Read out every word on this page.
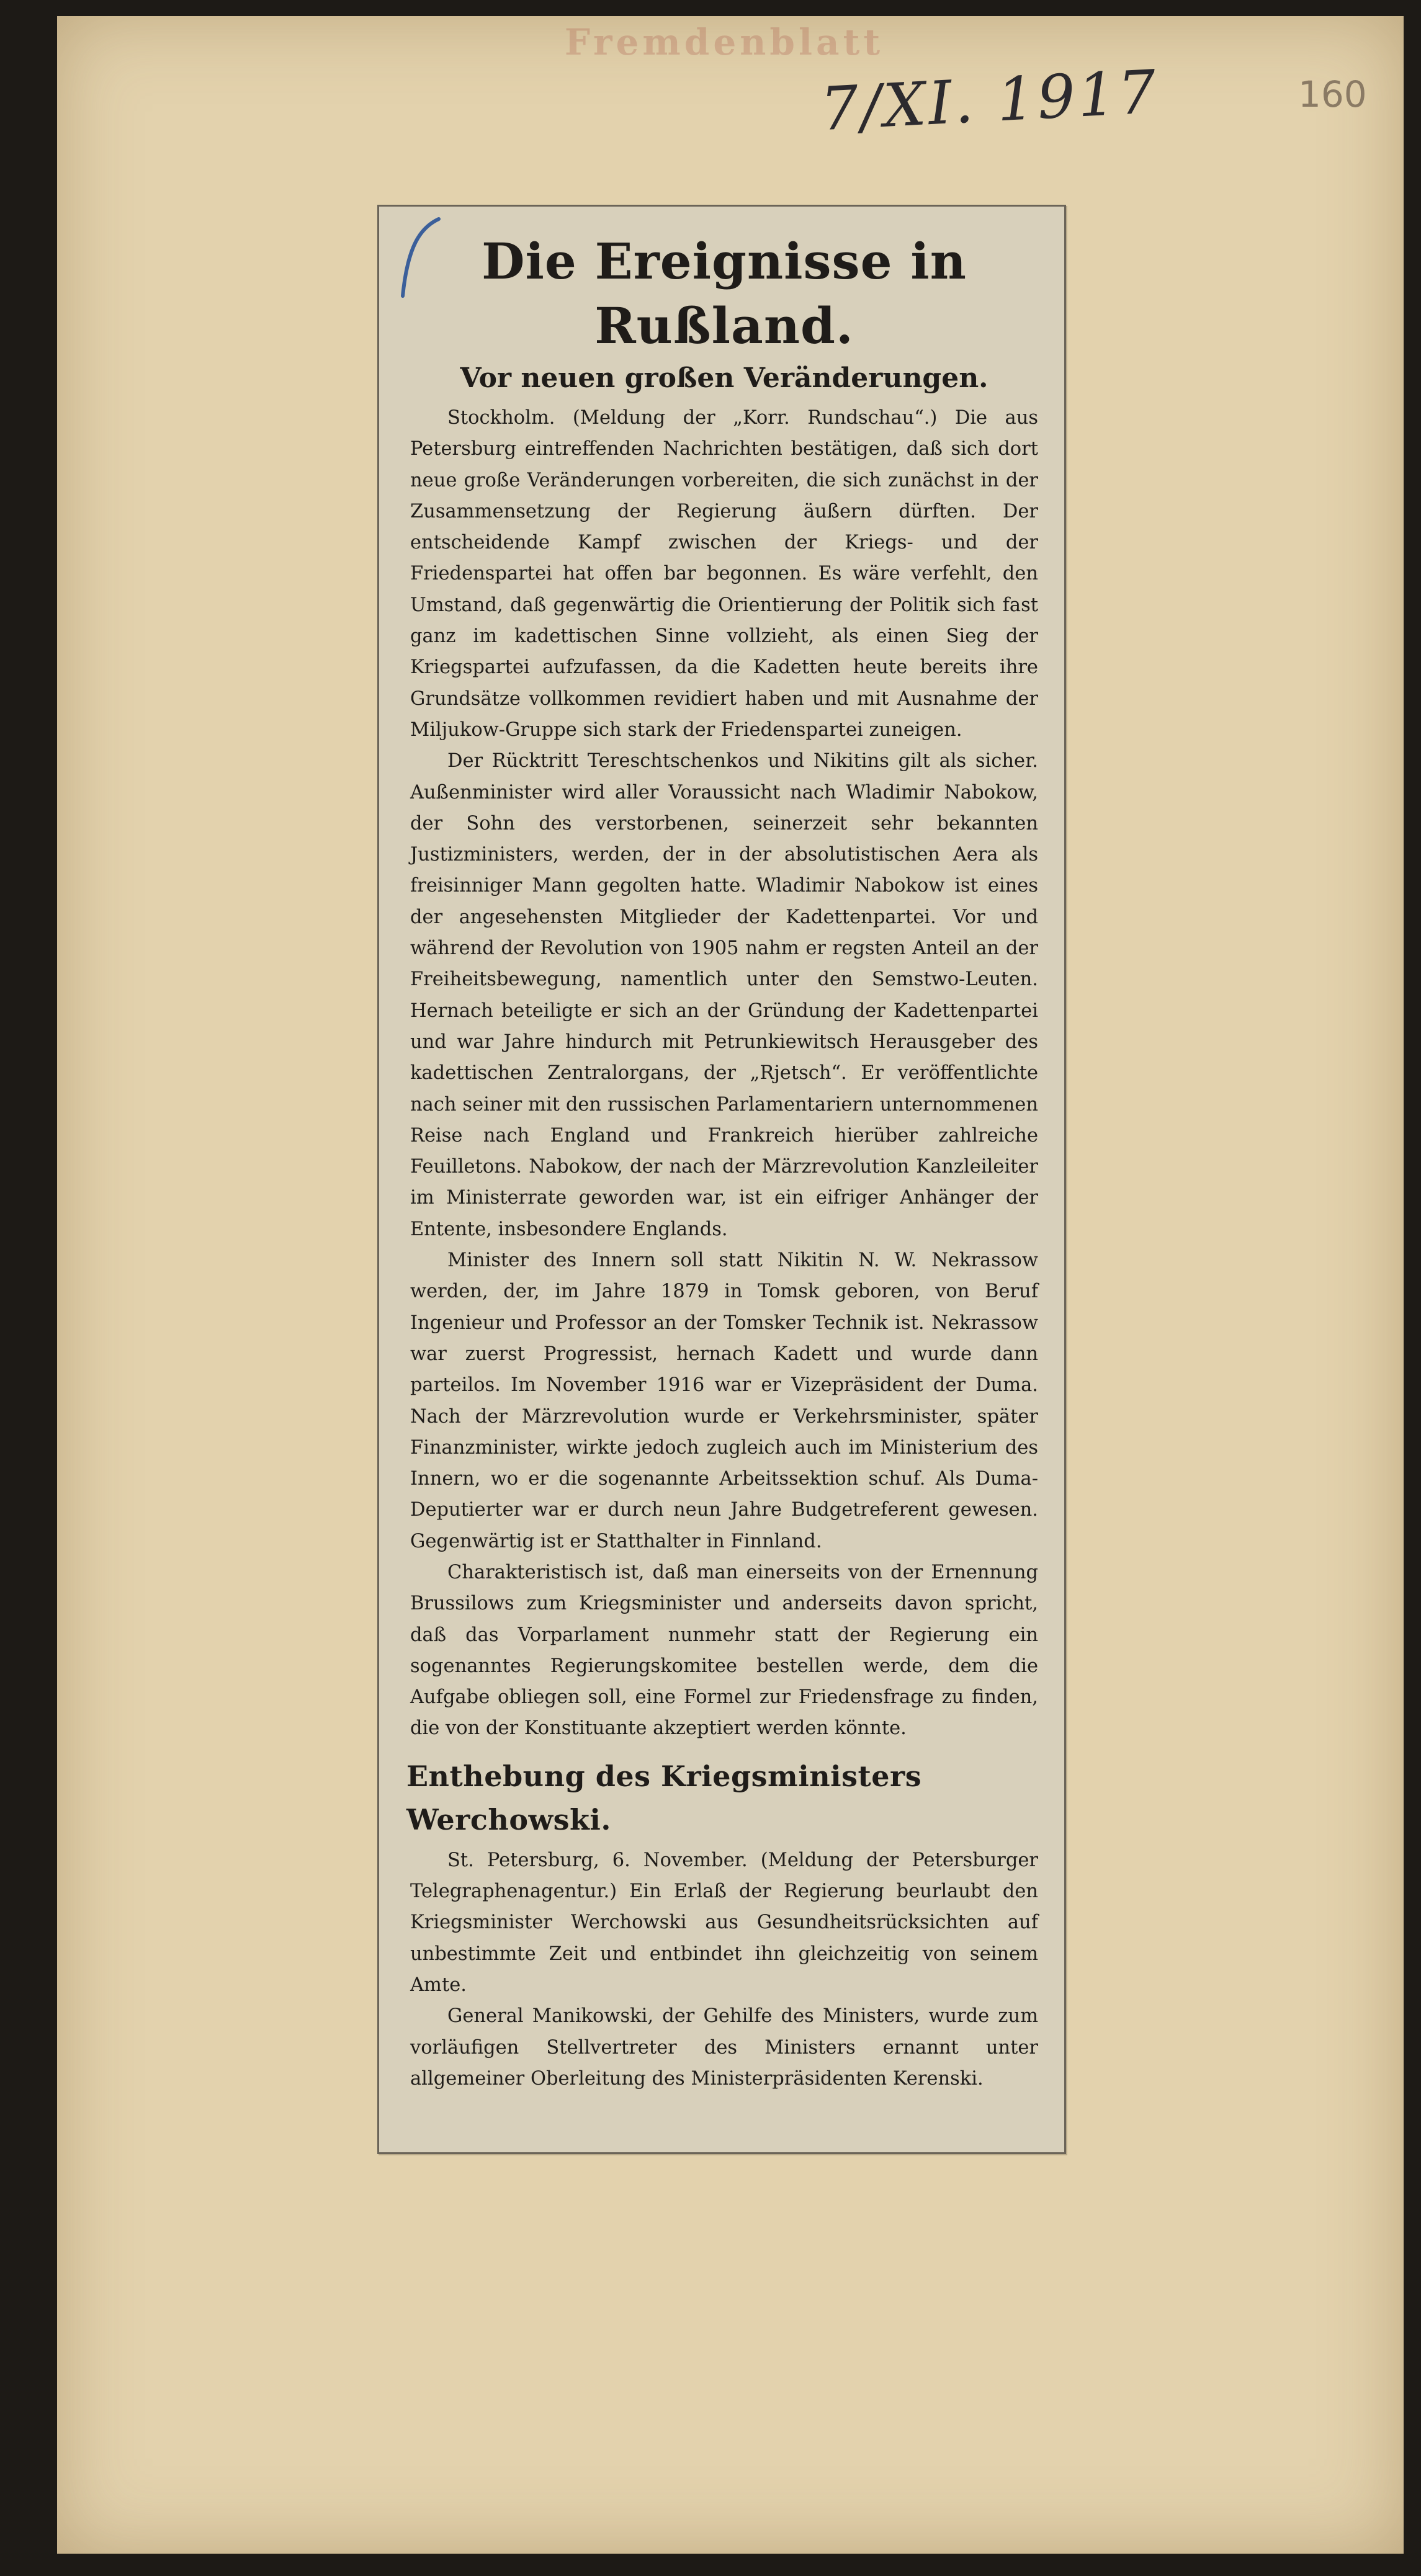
Fremdenblatt
7/XI. 1917	160
Die Ereignisse in Rußland.
Vor neuen großen Veränderungen.

Stockholm. (Meldung der „Korr. Rundschau“.) Die aus Petersburg eintreffenden Nachrichten bestätigen, daß sich dort neue große Veränderungen vorbereiten, die sich zunächst in der Zusammensetzung der Regierung äußern dürften. Der entscheidende Kampf zwischen der Kriegs- und der Friedenspartei hat offen bar begonnen. Es wäre verfehlt, den Umstand, daß gegenwärtig die Orientierung der Politik sich fast ganz im kadettischen Sinne vollzieht, als einen Sieg der Kriegspartei aufzufassen, da die Kadetten heute bereits ihre Grundsätze vollkommen revidiert haben und mit Ausnahme der Miljukow-Gruppe sich stark der Friedenspartei zuneigen.

Der Rücktritt Tereschtschenkos und Nikitins gilt als sicher. Außenminister wird aller Voraussicht nach Wladimir Nabokow, der Sohn des verstorbenen, seinerzeit sehr bekannten Justizministers, werden, der in der absolutistischen Aera als freisinniger Mann gegolten hatte. Wladimir Nabokow ist eines der angesehensten Mitglieder der Kadettenpartei. Vor und während der Revolution von 1905 nahm er regsten Anteil an der Freiheitsbewegung, namentlich unter den Semstwo-Leuten. Hernach beteiligte er sich an der Gründung der Kadettenpartei und war Jahre hindurch mit Petrunkiewitsch Herausgeber des kadettischen Zentralorgans, der „Rjetsch“. Er veröffentlichte nach seiner mit den russischen Parlamentariern unternommenen Reise nach England und Frankreich hierüber zahlreiche Feuilletons. Nabokow, der nach der Märzrevolution Kanzleileiter im Ministerrate geworden war, ist ein eifriger Anhänger der Entente, insbesondere Englands.

Minister des Innern soll statt Nikitin N. W. Nekrassow werden, der, im Jahre 1879 in Tomsk geboren, von Beruf Ingenieur und Professor an der Tomsker Technik ist. Nekrassow war zuerst Progressist, hernach Kadett und wurde dann parteilos. Im November 1916 war er Vizepräsident der Duma. Nach der Märzrevolution wurde er Verkehrsminister, später Finanzminister, wirkte jedoch zugleich auch im Ministerium des Innern, wo er die sogenannte Arbeitssektion schuf. Als Duma-Deputierter war er durch neun Jahre Budgetreferent gewesen. Gegenwärtig ist er Statthalter in Finnland.

Charakteristisch ist, daß man einerseits von der Ernennung Brussilows zum Kriegsminister und anderseits davon spricht, daß das Vorparlament nunmehr statt der Regierung ein sogenanntes Regierungskomitee bestellen werde, dem die Aufgabe obliegen soll, eine Formel zur Friedensfrage zu finden, die von der Konstituante akzeptiert werden könnte.

Enthebung des Kriegsministers Werchowski.

St. Petersburg, 6. November. (Meldung der Petersburger Telegraphenagentur.) Ein Erlaß der Regierung beurlaubt den Kriegsminister Werchowski aus Gesundheitsrücksichten auf unbestimmte Zeit und entbindet ihn gleichzeitig von seinem Amte.

General Manikowski, der Gehilfe des Ministers, wurde zum vorläufigen Stellvertreter des Ministers ernannt unter allgemeiner Oberleitung des Ministerpräsidenten Kerenski.
